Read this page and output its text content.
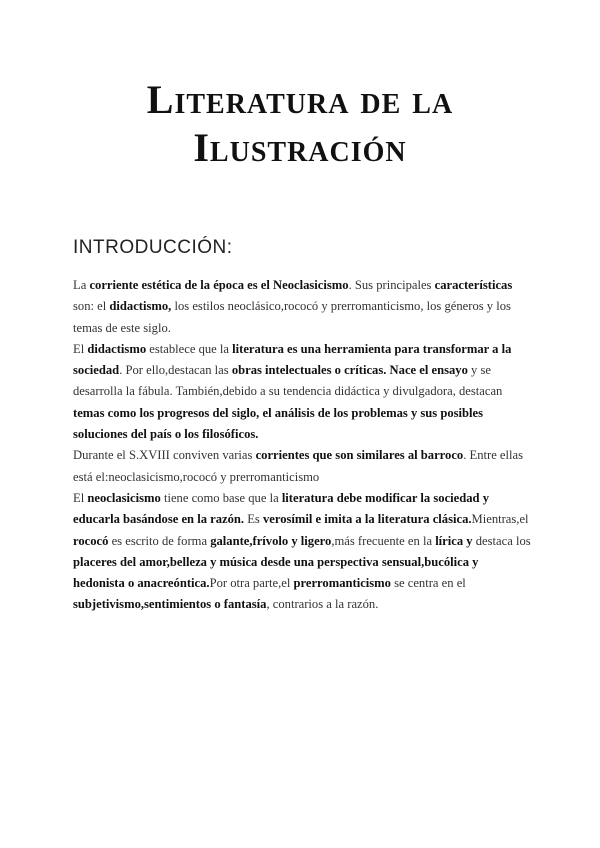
Literatura de la
Ilustración
INTRODUCCIÓN:

La corriente estética de la época es el Neoclasicismo. Sus principales características son: el didactismo, los estilos neoclásico,rococó y prerromanticismo, los géneros y los temas de este siglo.

El didactismo establece que la literatura es una herramienta para transformar a la sociedad. Por ello,destacan las obras intelectuales o críticas. Nace el ensayo y se desarrolla la fábula. También,debido a su tendencia didáctica y divulgadora, destacan temas como los progresos del siglo, el análisis de los problemas y sus posibles soluciones del país o los filosóficos.

Durante el S.XVIII conviven varias corrientes que son similares al barroco. Entre ellas está el:neoclasicismo,rococó y prerromanticismo

El neoclasicismo tiene como base que la literatura debe modificar la sociedad y educarla basándose en la razón. Es verosímil e imita a la literatura clásica.Mientras,el rococó es escrito de forma galante,frívolo y ligero,más frecuente en la lírica y destaca los placeres del amor,belleza y música desde una perspectiva sensual,bucólica y hedonista o anacreóntica.Por otra parte,el prerromanticismo se centra en el subjetivismo,sentimientos o fantasía, contrarios a la razón.
